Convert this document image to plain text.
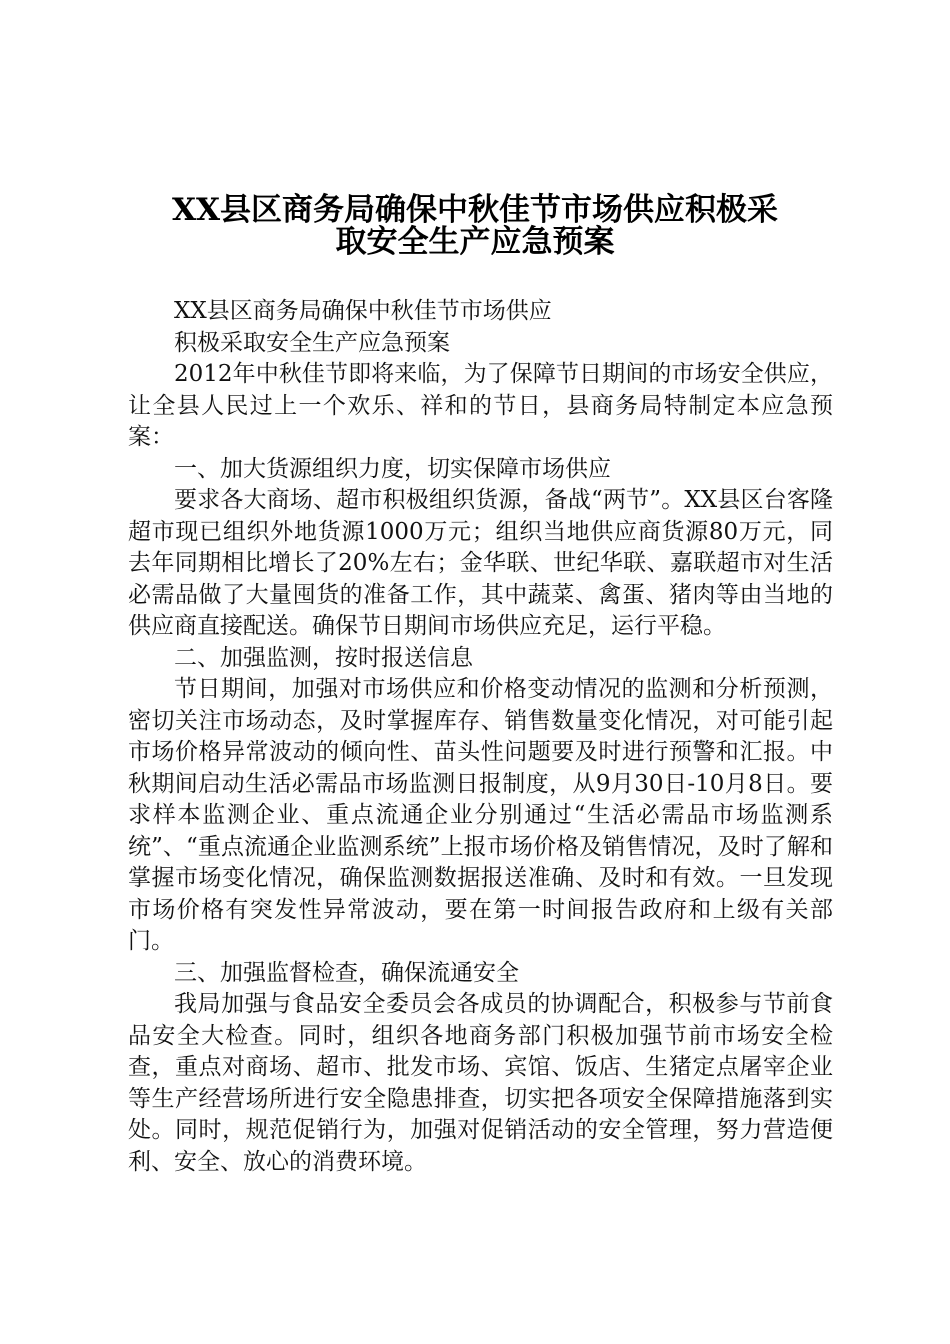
XX县区商务局确保中秋佳节市场供应积极采
取安全生产应急预案

XX县区商务局确保中秋佳节市场供应

积极采取安全生产应急预案

2012年中秋佳节即将来临，为了保障节日期间的市场安全供应，让全县人民过上一个欢乐、祥和的节日，县商务局特制定本应急预案：

一、加大货源组织力度，切实保障市场供应

要求各大商场、超市积极组织货源，备战“两节”。XX县区台客隆超市现已组织外地货源1000万元；组织当地供应商货源80万元，同去年同期相比增长了20%左右；金华联、世纪华联、嘉联超市对生活必需品做了大量囤货的准备工作，其中蔬菜、禽蛋、猪肉等由当地的供应商直接配送。确保节日期间市场供应充足，运行平稳。

二、加强监测，按时报送信息

节日期间，加强对市场供应和价格变动情况的监测和分析预测，密切关注市场动态，及时掌握库存、销售数量变化情况，对可能引起市场价格异常波动的倾向性、苗头性问题要及时进行预警和汇报。中秋期间启动生活必需品市场监测日报制度，从9月30日-10月8日。要求样本监测企业、重点流通企业分别通过“生活必需品市场监测系统”、“重点流通企业监测系统”上报市场价格及销售情况，及时了解和掌握市场变化情况，确保监测数据报送准确、及时和有效。一旦发现市场价格有突发性异常波动，要在第一时间报告政府和上级有关部门。

三、加强监督检查，确保流通安全

我局加强与食品安全委员会各成员的协调配合，积极参与节前食品安全大检查。同时，组织各地商务部门积极加强节前市场安全检查，重点对商场、超市、批发市场、宾馆、饭店、生猪定点屠宰企业等生产经营场所进行安全隐患排查，切实把各项安全保障措施落到实处。同时，规范促销行为，加强对促销活动的安全管理，努力营造便利、安全、放心的消费环境。
